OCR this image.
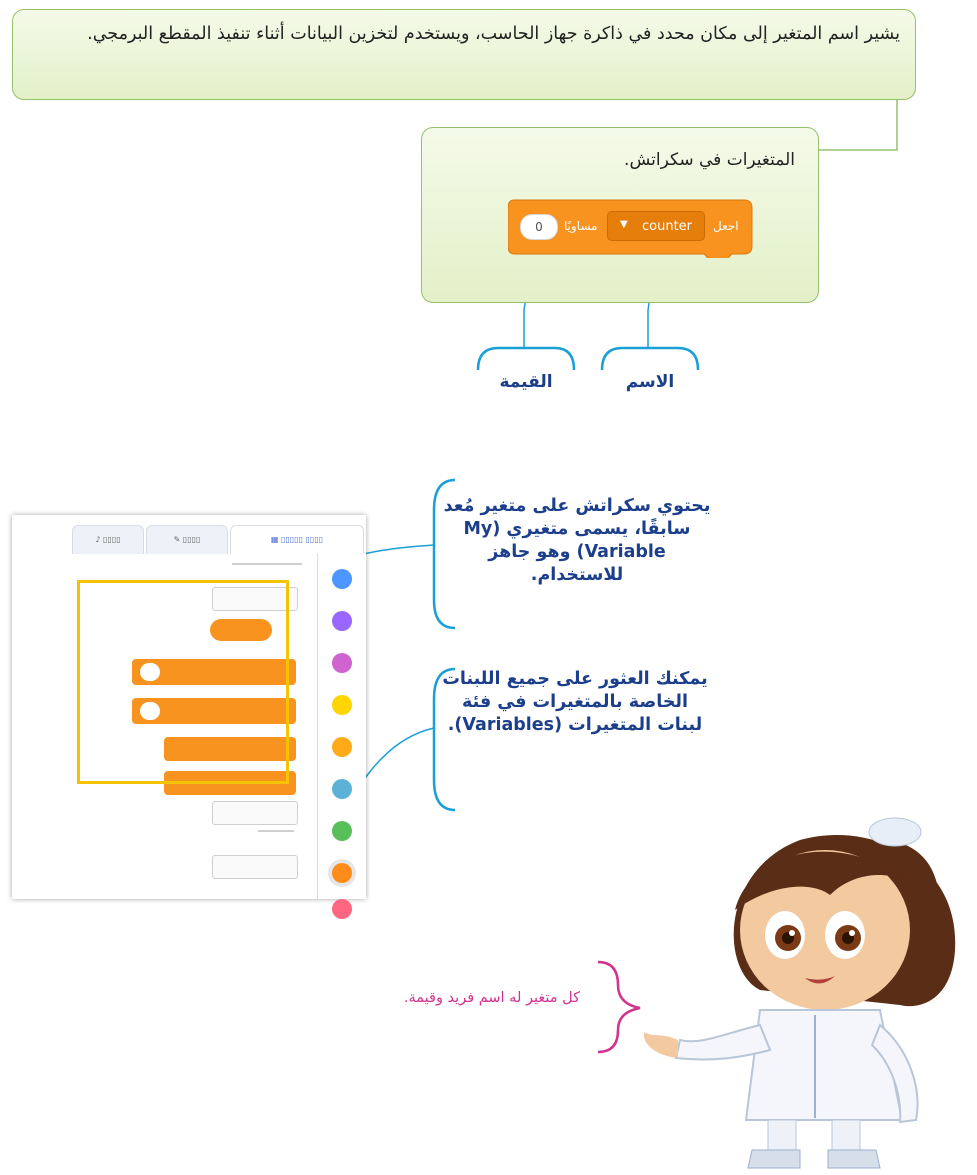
يشير اسم المتغير إلى مكان محدد في ذاكرة جهاز الحاسب، ويستخدم لتخزين البيانات أثناء تنفيذ المقطع البرمجي.
المتغيرات في سكراتش.
اجعل
counter
▼
مساويًا
0
الاسم
القيمة
♪ ▯▯▯▯	✎ ▯▯▯▯	▦ ▯▯▯▯▯ ▯▯▯▯
يحتوي سكراتش على متغير مُعد سابقًا، يسمى متغيري (My Variable) وهو جاهز للاستخدام.
يمكنك العثور على جميع اللبنات الخاصة بالمتغيرات في فئة لبنات المتغيرات (Variables).
كل متغير له اسم فريد وقيمة.
